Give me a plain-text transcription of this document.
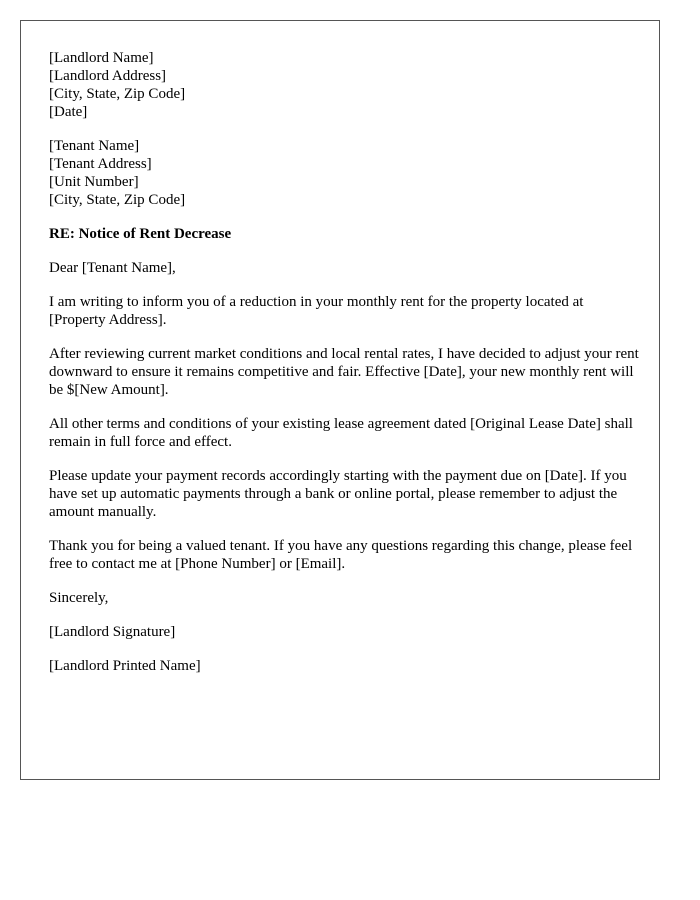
[Landlord Name]
[Landlord Address]
[City, State, Zip Code]
[Date]
[Tenant Name]
[Tenant Address]
[Unit Number]
[City, State, Zip Code]

RE: Notice of Rent Decrease

Dear [Tenant Name],

I am writing to inform you of a reduction in your monthly rent for the property located at [Property Address].

After reviewing current market conditions and local rental rates, I have decided to adjust your rent downward to ensure it remains competitive and fair. Effective [Date], your new monthly rent will be $[New Amount].

All other terms and conditions of your existing lease agreement dated [Original Lease Date] shall remain in full force and effect.

Please update your payment records accordingly starting with the payment due on [Date]. If you have set up automatic payments through a bank or online portal, please remember to adjust the amount manually.

Thank you for being a valued tenant. If you have any questions regarding this change, please feel free to contact me at [Phone Number] or [Email].

Sincerely,

[Landlord Signature]

[Landlord Printed Name]
